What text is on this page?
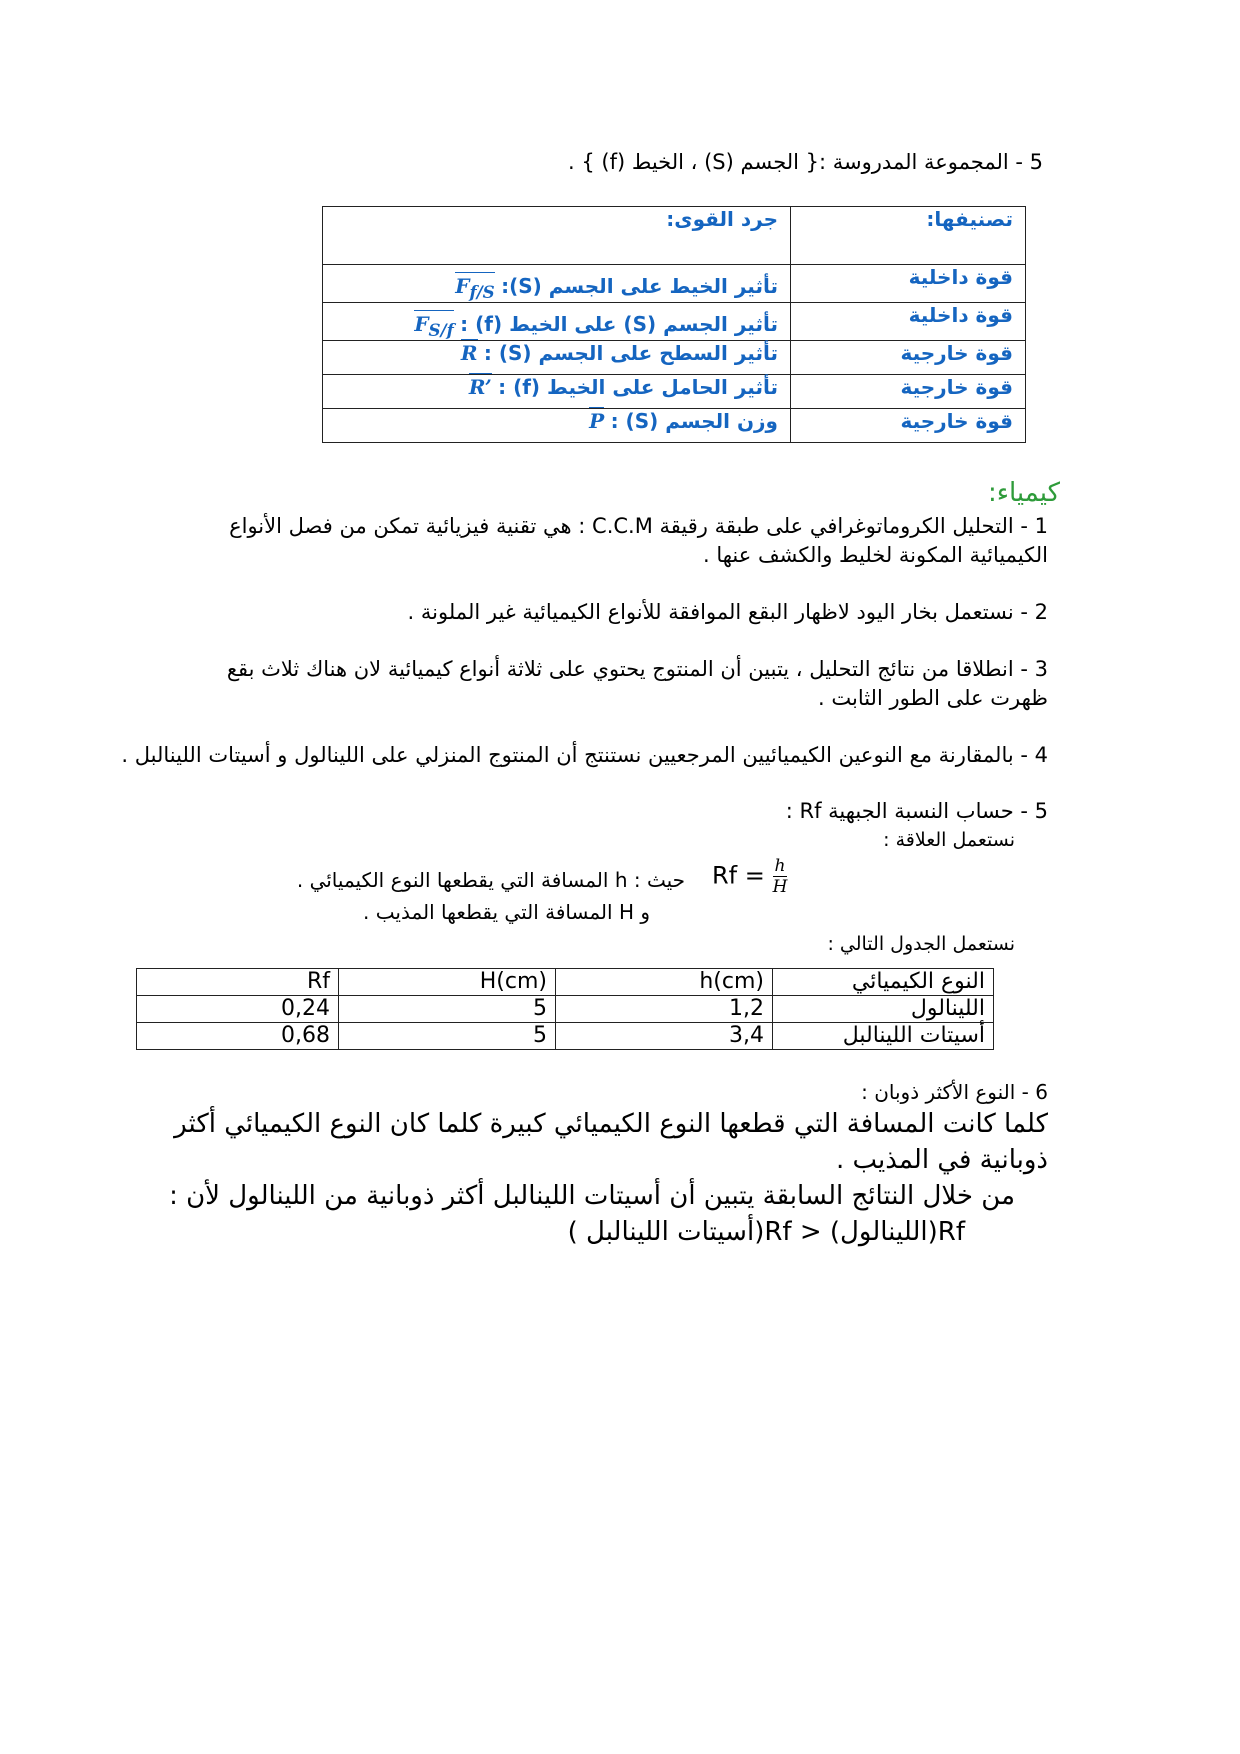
5 - المجموعة المدروسة :{ الجسم (S) ، الخيط (f) } .
جرد القوى:	تصنيفها:
تأثير الخيط على الجسم (S): $F_{f/S}$	قوة داخلية
تأثير الجسم (S) على الخيط (f) : $F_{S/f}$	قوة داخلية
تأثير السطح على الجسم (S) : R	قوة خارجية
تأثير الحامل على الخيط (f) : R’	قوة خارجية
وزن الجسم (S) : P	قوة خارجية
كيمياء:
1 - التحليل الكروماتوغرافي على طبقة رقيقة C.C.M : هي تقنية فيزيائية تمكن من فصل الأنواع الكيميائية المكونة لخليط والكشف عنها .
2 - نستعمل بخار اليود لاظهار البقع الموافقة للأنواع الكيميائية غير الملونة .
3 - انطلاقا من نتائج التحليل ، يتبين أن المنتوج يحتوي على ثلاثة أنواع كيميائية لان هناك ثلاث بقع ظهرت على الطور الثابت .
4 - بالمقارنة مع النوعين الكيميائيين المرجعيين نستنتج أن المنتوج المنزلي على اللينالول و أسيتات اللينالبل .
5 - حساب النسبة الجبهية Rf :
نستعمل العلاقة :
$Rf = \frac{h}{H}$
حيث : h المسافة التي يقطعها النوع الكيميائي .
و H المسافة التي يقطعها المذيب .
نستعمل الجدول التالي :
Rf	H(cm)	h(cm)	النوع الكيميائي
0,24	5	1,2	اللينالول
0,68	5	3,4	أسيتات اللينالبل
6 - النوع الأكثر ذوبان :
كلما كانت المسافة التي قطعها النوع الكيميائي كبيرة كلما كان النوع الكيميائي أكثر ذوبانية في المذيب .
من خلال النتائج السابقة يتبين أن أسيتات اللينالبل أكثر ذوبانية من اللينالول لأن :
Rf(اللينالول) < Rf(أسيتات اللينالبل )
